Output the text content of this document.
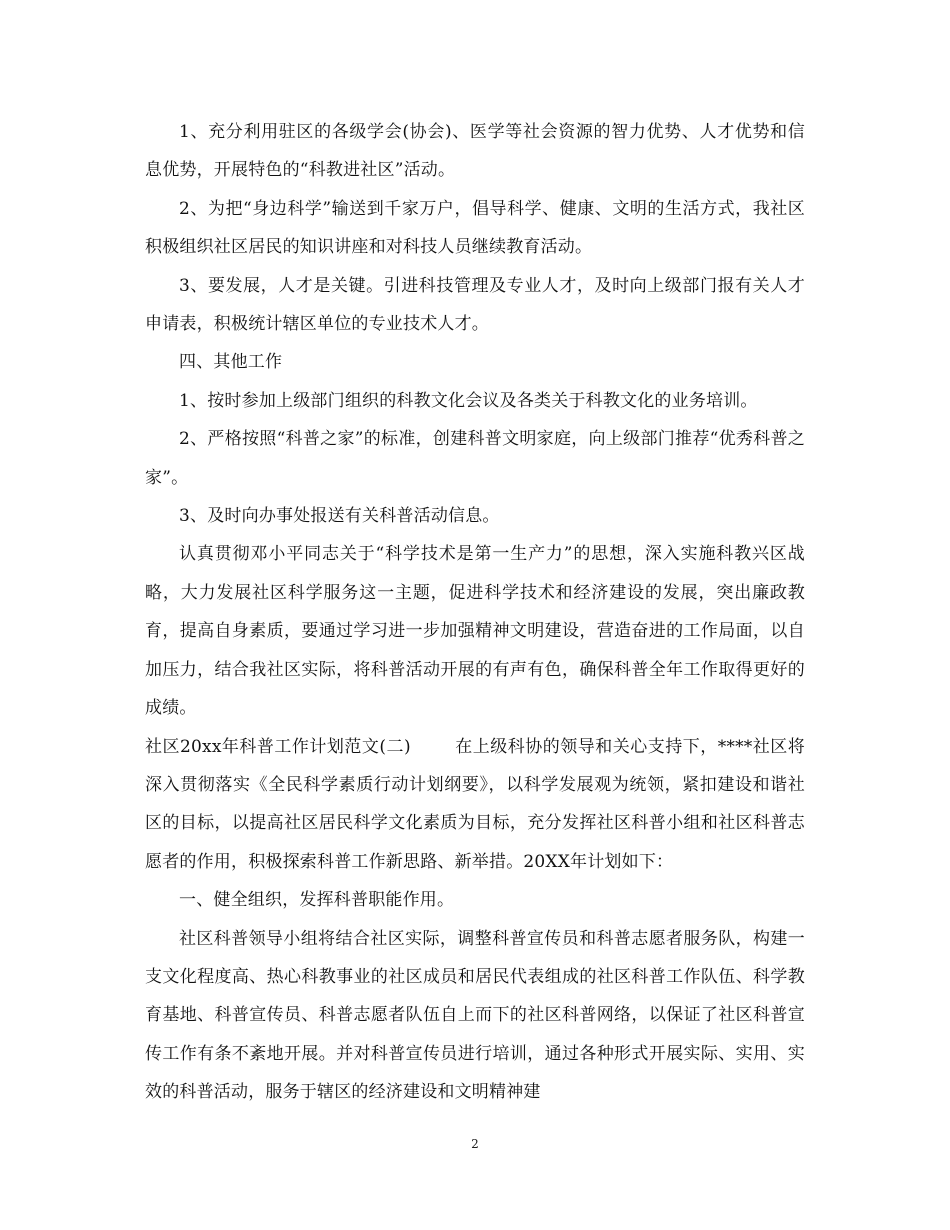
1、充分利用驻区的各级学会(协会)、医学等社会资源的智力优势、人才优势和信息优势，开展特色的“科教进社区”活动。

2、为把“身边科学”输送到千家万户，倡导科学、健康、文明的生活方式，我社区积极组织社区居民的知识讲座和对科技人员继续教育活动。

3、要发展，人才是关键。引进科技管理及专业人才，及时向上级部门报有关人才申请表，积极统计辖区单位的专业技术人才。

四、其他工作

1、按时参加上级部门组织的科教文化会议及各类关于科教文化的业务培训。

2、严格按照“科普之家”的标准，创建科普文明家庭，向上级部门推荐“优秀科普之家”。

3、及时向办事处报送有关科普活动信息。

认真贯彻邓小平同志关于“科学技术是第一生产力”的思想，深入实施科教兴区战略，大力发展社区科学服务这一主题，促进科学技术和经济建设的发展，突出廉政教育，提高自身素质，要通过学习进一步加强精神文明建设，营造奋进的工作局面，以自加压力，结合我社区实际，将科普活动开展的有声有色，确保科普全年工作取得更好的成绩。

社区20xx年科普工作计划范文(二)	在上级科协的领导和关心支持下，****社区将深入贯彻落实《全民科学素质行动计划纲要》，以科学发展观为统领，紧扣建设和谐社区的目标，以提高社区居民科学文化素质为目标，充分发挥社区科普小组和社区科普志愿者的作用，积极探索科普工作新思路、新举措。20XX年计划如下：

一、健全组织，发挥科普职能作用。

社区科普领导小组将结合社区实际，调整科普宣传员和科普志愿者服务队，构建一支文化程度高、热心科教事业的社区成员和居民代表组成的社区科普工作队伍、科学教育基地、科普宣传员、科普志愿者队伍自上而下的社区科普网络，以保证了社区科普宣传工作有条不紊地开展。并对科普宣传员进行培训，通过各种形式开展实际、实用、实效的科普活动，服务于辖区的经济建设和文明精神建

2
